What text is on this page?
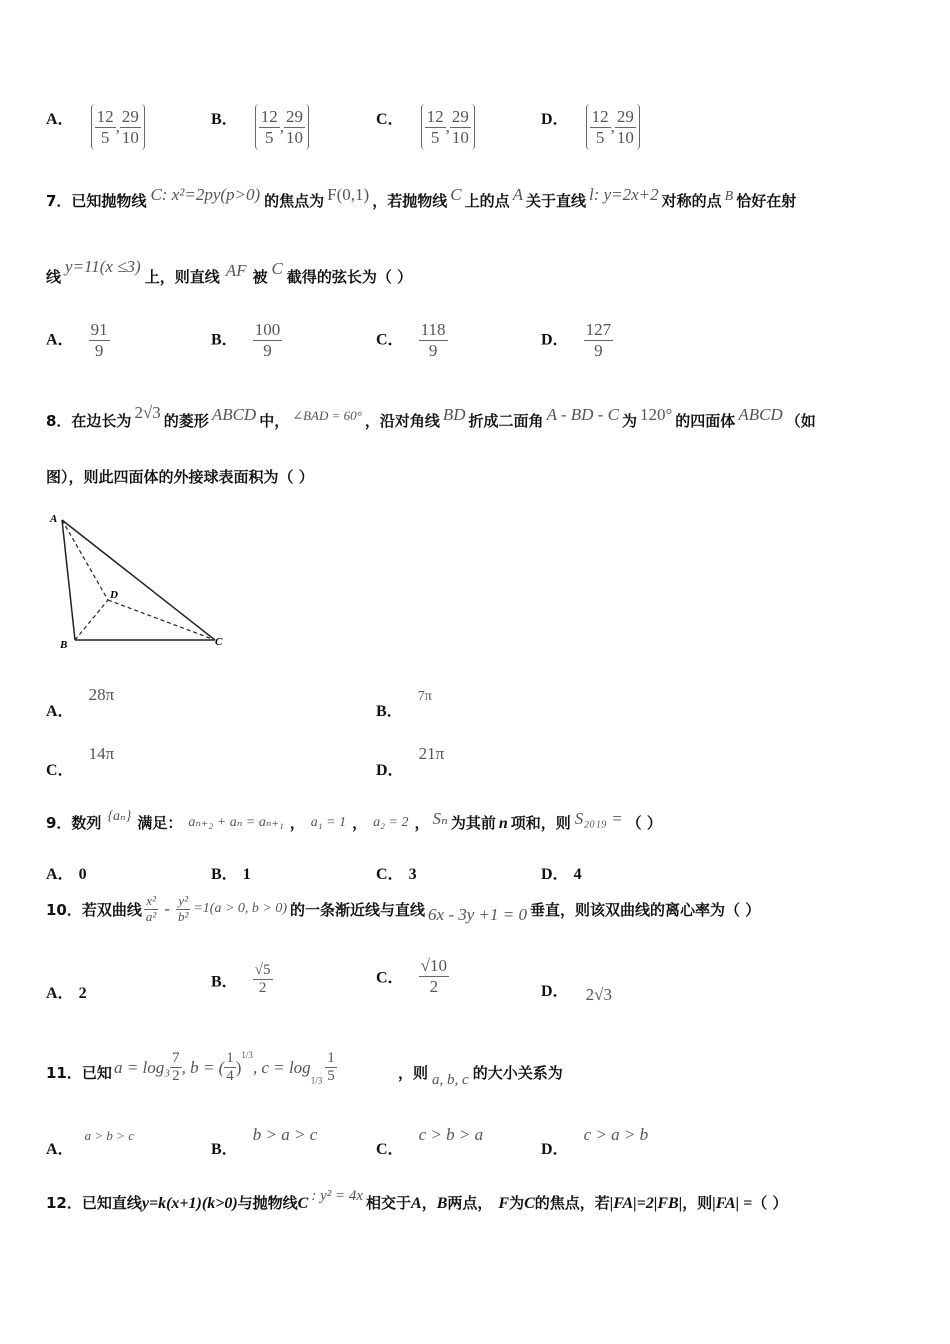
A． $\frac{12}{5}$ , $\frac{29}{10}$	B． $\frac{12}{5}$ , $\frac{29}{10}$	C． $\frac{12}{5}$ , $\frac{29}{10}$	D． $\frac{12}{5}$ , $\frac{29}{10}$
7．已知抛物线 C: x²=2py(p>0) 的焦点为 F(0,1) ，若抛物线 C 上的点 A 关于直线 l: y=2x+2 对称的点 B 恰好在射
线y=11(x ≤3)上，则直线 AF 被 C 截得的弦长为（ ）
A． $\frac{91}{9}$	B． $\frac{100}{9}$	C． $\frac{118}{9}$	D． $\frac{127}{9}$
8．在边长为 2√3 的菱形 ABCD 中， $^{\angle BAD = 60^\circ}$ ，沿对角线 BD 折成二面角 A - BD - C 为 120° 的四面体 ABCD （如
图），则此四面体的外接球表面积为（ ）
A
B	C
D
A． 28π
B． 7π
C． 14π
D． 21π
9．数列 {aₙ} 满足： aₙ₊₂ + aₙ = aₙ₊₁ ， a₁ = 1 ， a₂ = 2 ， Sₙ 为其前 n 项和，则 S₂₀₁₉ = （ ）
A． 0	B． 1	C． 3	D． 4
10．若双曲线 $\frac{\text{x²}}{\text{a²}} - \frac{\text{y²}}{\text{b²}} =1(a > 0$, b > 0) 的一条渐近线与直线 6x - 3y +1 = 0 垂直，则该双曲线的离心率为（ ）
A． 2
B． $\frac{√5}{2}$	C． $\frac{√10}{2}$	D． 2√3
11．已知 $a = \log_3 \frac{7}{2}$ , b = ( $\frac{1}{4} )^{1/3}$, $c = \log 1/3 \frac{1}{5}$	，则 a, b, c 的大小关系为
A． a > b > c
B． b > a > c
C． c > b > a
D． c > a > b
12．已知直线y=k(x+1)(k>0)与抛物线C : y² = 4x 相交于A，B两点， F为C的焦点，若|FA|=2|FB|，则|FA| =（ ）
